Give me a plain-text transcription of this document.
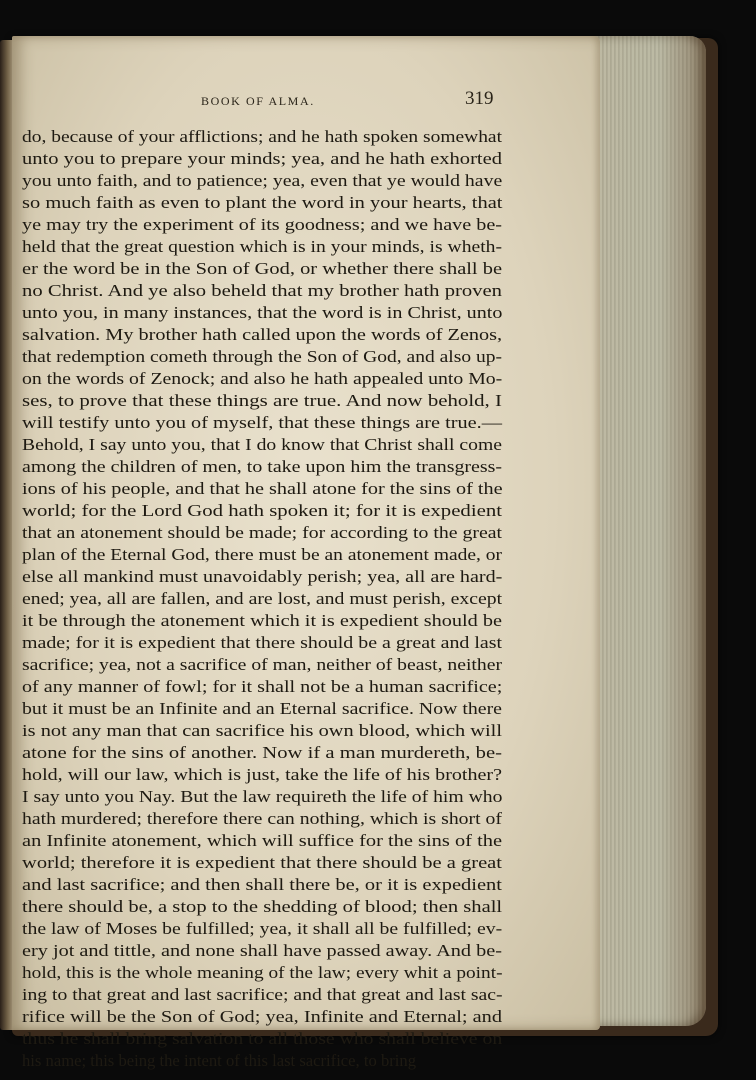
BOOK OF ALMA.	319
do, because of your afflictions; and he hath spoken somewhat
unto you to prepare your minds; yea, and he hath exhorted
you unto faith, and to patience; yea, even that ye would have
so much faith as even to plant the word in your hearts, that
ye may try the experiment of its goodness; and we have be-
held that the great question which is in your minds, is wheth-
er the word be in the Son of God, or whether there shall be
no Christ. And ye also beheld that my brother hath proven
unto you, in many instances, that the word is in Christ, unto
salvation. My brother hath called upon the words of Zenos,
that redemption cometh through the Son of God, and also up-
on the words of Zenock; and also he hath appealed unto Mo-
ses, to prove that these things are true. And now behold, I
will testify unto you of myself, that these things are true.—
Behold, I say unto you, that I do know that Christ shall come
among the children of men, to take upon him the transgress-
ions of his people, and that he shall atone for the sins of the
world; for the Lord God hath spoken it; for it is expedient
that an atonement should be made; for according to the great
plan of the Eternal God, there must be an atonement made, or
else all mankind must unavoidably perish; yea, all are hard-
ened; yea, all are fallen, and are lost, and must perish, except
it be through the atonement which it is expedient should be
made; for it is expedient that there should be a great and last
sacrifice; yea, not a sacrifice of man, neither of beast, neither
of any manner of fowl; for it shall not be a human sacrifice;
but it must be an Infinite and an Eternal sacrifice. Now there
is not any man that can sacrifice his own blood, which will
atone for the sins of another. Now if a man murdereth, be-
hold, will our law, which is just, take the life of his brother?
I say unto you Nay. But the law requireth the life of him who
hath murdered; therefore there can nothing, which is short of
an Infinite atonement, which will suffice for the sins of the
world; therefore it is expedient that there should be a great
and last sacrifice; and then shall there be, or it is expedient
there should be, a stop to the shedding of blood; then shall
the law of Moses be fulfilled; yea, it shall all be fulfilled; ev-
ery jot and tittle, and none shall have passed away. And be-
hold, this is the whole meaning of the law; every whit a point-
ing to that great and last sacrifice; and that great and last sac-
rifice will be the Son of God; yea, Infinite and Eternal; and
thus he shall bring salvation to all those who shall believe on
his name; this being the intent of this last sacrifice, to bring
